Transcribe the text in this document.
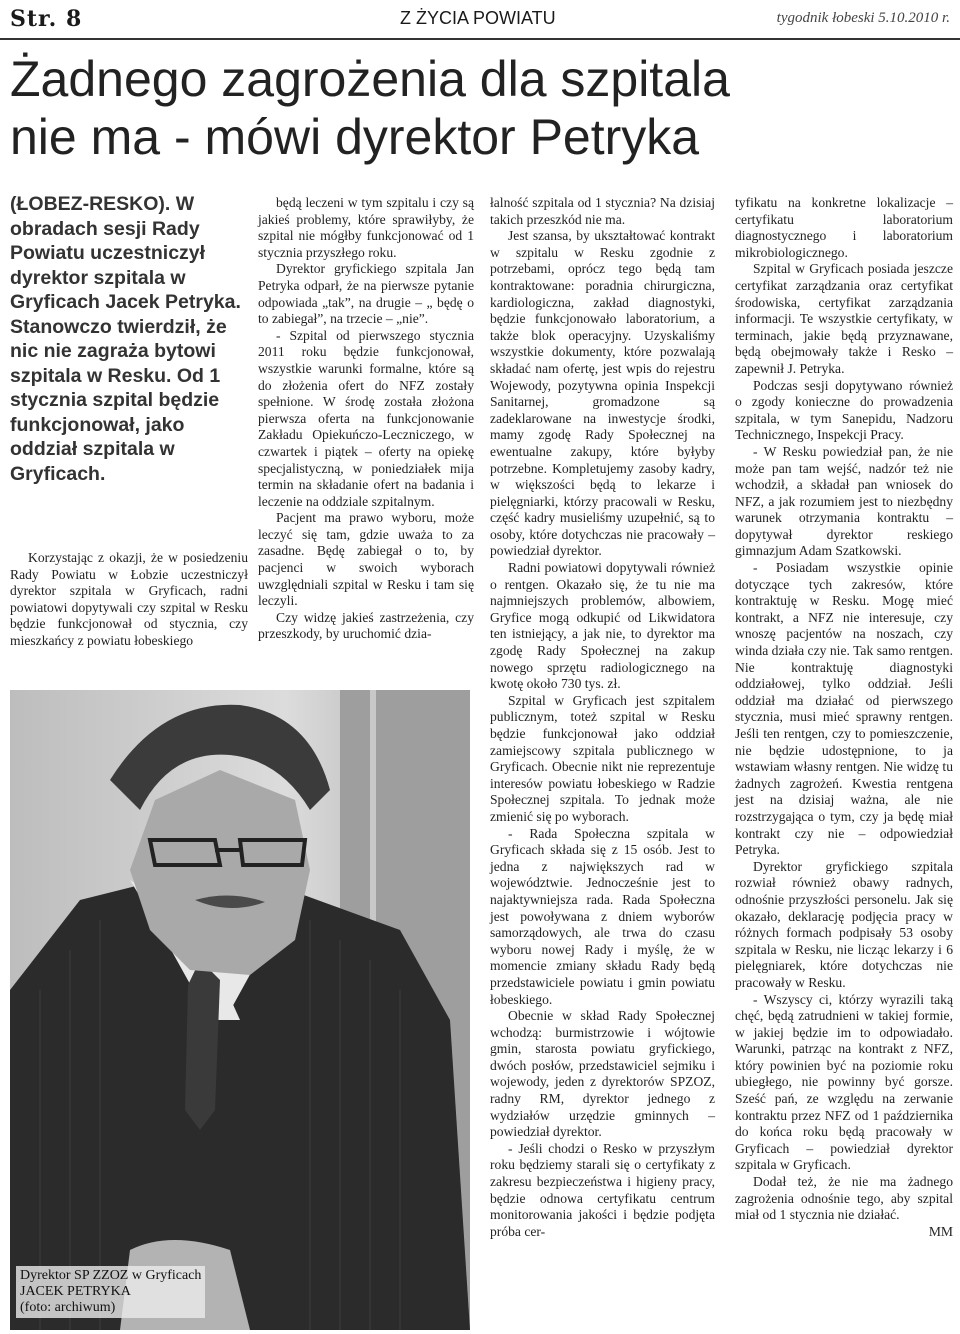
Str. 8	Z ŻYCIA POWIATU	tygodnik łobeski 5.10.2010 r.
Żadnego zagrożenia dla szpitala
nie ma - mówi dyrektor Petryka

(ŁOBEZ-RESKO). W obradach sesji Rady Powiatu uczestniczył dyrektor szpitala w Gryficach Jacek Petryka. Stanowczo twierdził, że nic nie zagraża bytowi szpitala w Resku. Od 1 stycznia szpital będzie funkcjonował, jako oddział szpitala w Gryficach.

Korzystając z okazji, że w posiedzeniu Rady Powiatu w Łobzie uczestniczył dyrektor szpitala w Gryficach, radni powiatowi dopytywali czy szpital w Resku będzie funkcjonował od stycznia, czy mieszkańcy z powiatu łobeskiego

będą leczeni w tym szpitalu i czy są jakieś problemy, które sprawiłyby, że szpital nie mógłby funkcjonować od 1 stycznia przyszłego roku.

Dyrektor gryfickiego szpitala Jan Petryka odparł, że na pierwsze pytanie odpowiada „tak”, na drugie – „ będę o to zabiegał”, na trzecie – „nie”.

- Szpital od pierwszego stycznia 2011 roku będzie funkcjonował, wszystkie warunki formalne, które są do złożenia ofert do NFZ zostały spełnione. W środę została złożona pierwsza oferta na funkcjonowanie Zakładu Opiekuńczo-Leczniczego, w czwartek i piątek – oferty na opiekę specjalistyczną, w poniedziałek mija termin na składanie ofert na badania i leczenie na oddziale szpitalnym.

Pacjent ma prawo wyboru, może leczyć się tam, gdzie uważa to za zasadne. Będę zabiegał o to, by pacjenci w swoich wyborach uwzględniali szpital w Resku i tam się leczyli.

Czy widzę jakieś zastrzeżenia, czy przeszkody, by uruchomić dzia-

łalność szpitala od 1 stycznia? Na dzisiaj takich przeszkód nie ma.

Jest szansa, by ukształtować kontrakt w szpitalu w Resku zgodnie z potrzebami, oprócz tego będą tam kontraktowane: poradnia chirurgiczna, kardiologiczna, zakład diagnostyki, będzie funkcjonowało laboratorium, a także blok operacyjny. Uzyskaliśmy wszystkie dokumenty, które pozwalają składać nam ofertę, jest wpis do rejestru Wojewody, pozytywna opinia Inspekcji Sanitarnej, gromadzone są zadeklarowane na inwestycje środki, mamy zgodę Rady Społecznej na ewentualne zakupy, które byłyby potrzebne. Kompletujemy zasoby kadry, w większości będą to lekarze i pielęgniarki, którzy pracowali w Resku, część kadry musieliśmy uzupełnić, są to osoby, które dotychczas nie pracowały – powiedział dyrektor.

Radni powiatowi dopytywali również o rentgen. Okazało się, że tu nie ma najmniejszych problemów, albowiem, Gryfice mogą odkupić od Likwidatora ten istniejący, a jak nie, to dyrektor ma zgodę Rady Społecznej na zakup nowego sprzętu radiologicznego na kwotę około 730 tys. zł.

Szpital w Gryficach jest szpitalem publicznym, toteż szpital w Resku będzie funkcjonował jako oddział zamiejscowy szpitala publicznego w Gryficach. Obecnie nikt nie reprezentuje interesów powiatu łobeskiego w Radzie Społecznej szpitala. To jednak może zmienić się po wyborach.

- Rada Społeczna szpitala w Gryficach składa się z 15 osób. Jest to jedna z największych rad w województwie. Jednocześnie jest to najaktywniejsza rada. Rada Społeczna jest powoływana z dniem wyborów samorządowych, ale trwa do czasu wyboru nowej Rady i myślę, że w momencie zmiany składu Rady będą przedstawiciele powiatu i gmin powiatu łobeskiego.

Obecnie w skład Rady Społecznej wchodzą: burmistrzowie i wójtowie gmin, starosta powiatu gryfickiego, dwóch posłów, przedstawiciel sejmiku i wojewody, jeden z dyrektorów SPZOZ, radny RM, dyrektor jednego z wydziałów urzędzie gminnych – powiedział dyrektor.

- Jeśli chodzi o Resko w przyszłym roku będziemy starali się o certyfikaty z zakresu bezpieczeństwa i higieny pracy, będzie odnowa certyfikatu centrum monitorowania jakości i będzie podjęta próba cer-

tyfikatu na konkretne lokalizacje – certyfikatu laboratorium diagnostycznego i laboratorium mikrobiologicznego.

Szpital w Gryficach posiada jeszcze certyfikat zarządzania oraz certyfikat środowiska, certyfikat zarządzania informacji. Te wszystkie certyfikaty, w terminach, jakie będą przyznawane, będą obejmowały także i Resko – zapewnił J. Petryka.

Podczas sesji dopytywano również o zgody konieczne do prowadzenia szpitala, w tym Sanepidu, Nadzoru Technicznego, Inspekcji Pracy.

- W Resku powiedział pan, że nie może pan tam wejść, nadzór też nie wchodził, a składał pan wniosek do NFZ, a jak rozumiem jest to niezbędny warunek otrzymania kontraktu – dopytywał dyrektor reskiego gimnazjum Adam Szatkowski.

- Posiadam wszystkie opinie dotyczące tych zakresów, które kontraktuję w Resku. Mogę mieć kontrakt, a NFZ nie interesuje, czy wnoszę pacjentów na noszach, czy winda działa czy nie. Tak samo rentgen. Nie kontraktuję diagnostyki oddziałowej, tylko oddział. Jeśli oddział ma działać od pierwszego stycznia, musi mieć sprawny rentgen. Jeśli ten rentgen, czy to pomieszczenie, nie będzie udostępnione, to ja wstawiam własny rentgen. Nie widzę tu żadnych zagrożeń. Kwestia rentgena jest na dzisiaj ważna, ale nie rozstrzygająca o tym, czy ja będę miał kontrakt czy nie – odpowiedział Petryka.

Dyrektor gryfickiego szpitala rozwiał również obawy radnych, odnośnie przyszłości personelu. Jak się okazało, deklarację podjęcia pracy w różnych formach podpisały 53 osoby szpitala w Resku, nie licząc lekarzy i 6 pielęgniarek, które dotychczas nie pracowały w Resku.

- Wszyscy ci, którzy wyrazili taką chęć, będą zatrudnieni w takiej formie, w jakiej będzie im to odpowiadało. Warunki, patrząc na kontrakt z NFZ, który powinien być na poziomie roku ubiegłego, nie powinny być gorsze. Sześć pań, ze względu na zerwanie kontraktu przez NFZ od 1 października do końca roku będą pracowały w Gryficach – powiedział dyrektor szpitala w Gryficach.

Dodał też, że nie ma żadnego zagrożenia odnośnie tego, aby szpital miał od 1 stycznia nie działać.

MM

Dyrektor SP ZZOZ w Gryficach
JACEK PETRYKA
(foto: archiwum)
